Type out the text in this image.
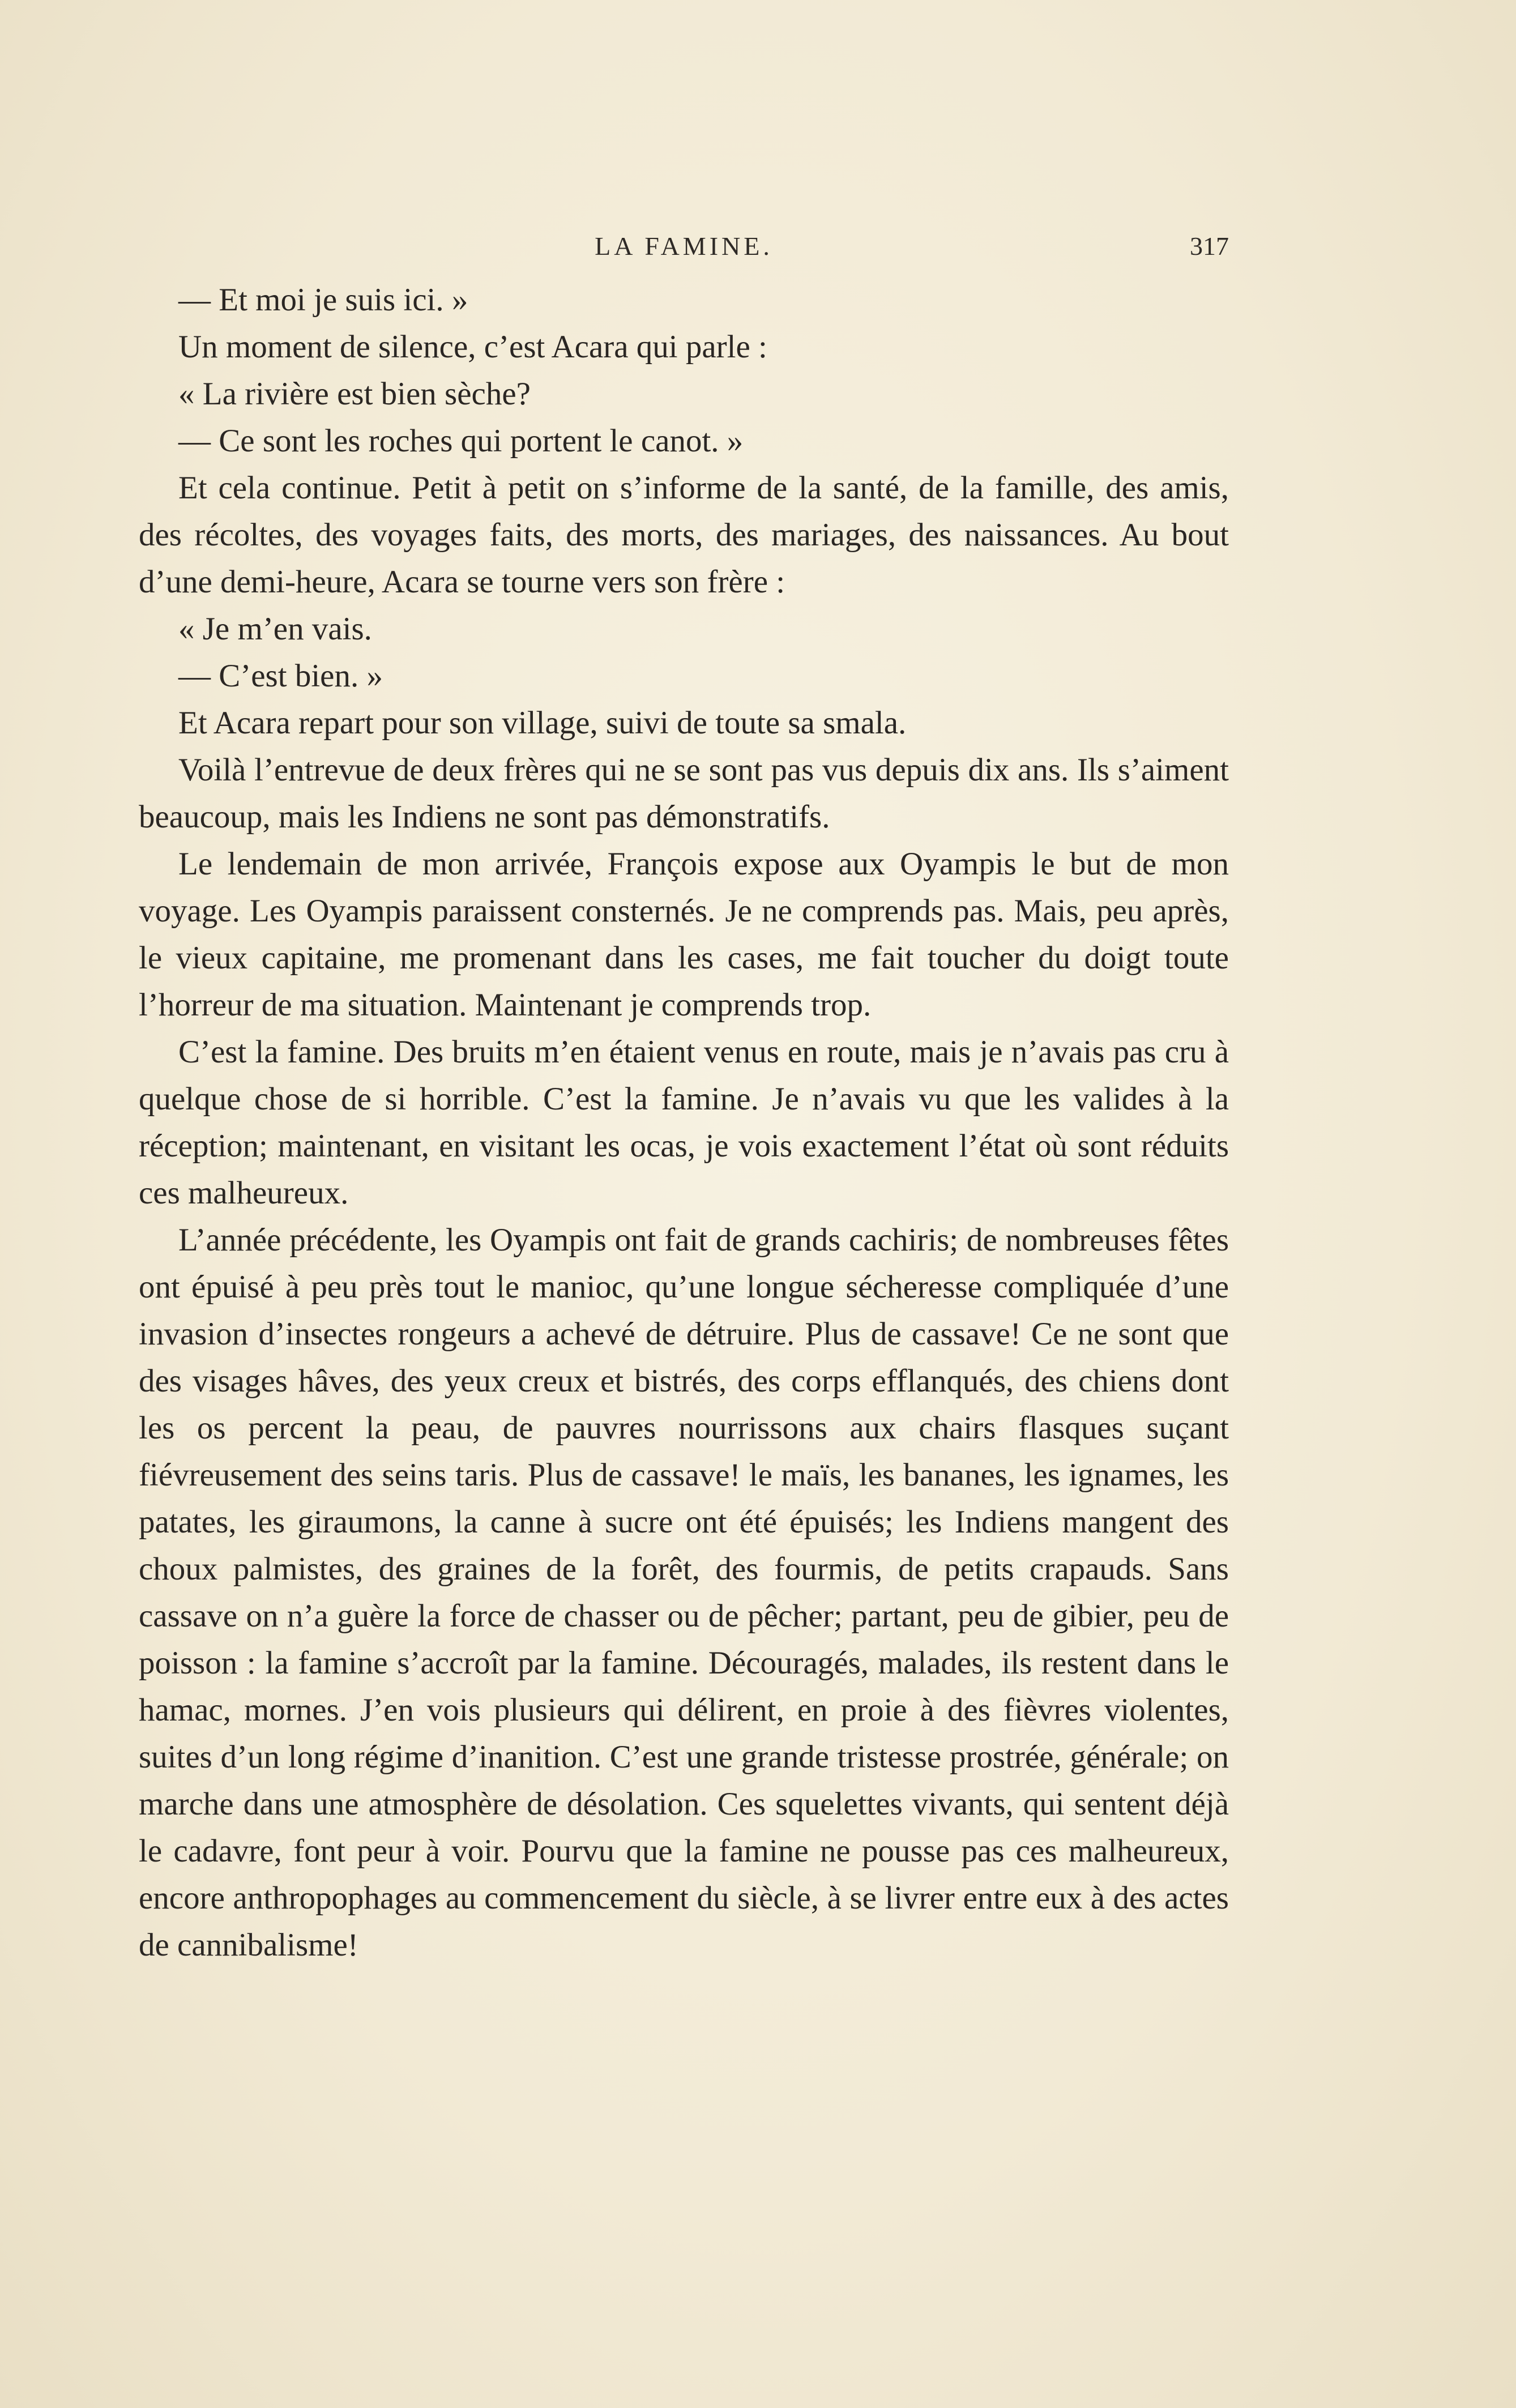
LA FAMINE.	317

— Et moi je suis ici. »

Un moment de silence, c’est Acara qui parle :

« La rivière est bien sèche?

— Ce sont les roches qui portent le canot. »

Et cela continue. Petit à petit on s’informe de la santé, de la famille, des amis, des récoltes, des voyages faits, des morts, des mariages, des naissances. Au bout d’une demi-heure, Acara se tourne vers son frère :

« Je m’en vais.

— C’est bien. »

Et Acara repart pour son village, suivi de toute sa smala.

Voilà l’entrevue de deux frères qui ne se sont pas vus depuis dix ans. Ils s’aiment beaucoup, mais les Indiens ne sont pas démonstratifs.

Le lendemain de mon arrivée, François expose aux Oyampis le but de mon voyage. Les Oyampis paraissent consternés. Je ne comprends pas. Mais, peu après, le vieux capitaine, me promenant dans les cases, me fait toucher du doigt toute l’horreur de ma situation. Maintenant je comprends trop.

C’est la famine. Des bruits m’en étaient venus en route, mais je n’avais pas cru à quelque chose de si horrible. C’est la famine. Je n’avais vu que les valides à la réception; maintenant, en visitant les ocas, je vois exactement l’état où sont réduits ces malheureux.

L’année précédente, les Oyampis ont fait de grands cachiris; de nombreuses fêtes ont épuisé à peu près tout le manioc, qu’une longue sécheresse compliquée d’une invasion d’insectes rongeurs a achevé de détruire. Plus de cassave! Ce ne sont que des visages hâves, des yeux creux et bistrés, des corps efflanqués, des chiens dont les os percent la peau, de pauvres nourrissons aux chairs flasques suçant fiévreusement des seins taris. Plus de cassave! le maïs, les bananes, les ignames, les patates, les giraumons, la canne à sucre ont été épuisés; les Indiens mangent des choux palmistes, des graines de la forêt, des fourmis, de petits crapauds. Sans cassave on n’a guère la force de chasser ou de pêcher; partant, peu de gibier, peu de poisson : la famine s’accroît par la famine. Découragés, malades, ils restent dans le hamac, mornes. J’en vois plusieurs qui délirent, en proie à des fièvres violentes, suites d’un long régime d’inanition. C’est une grande tristesse prostrée, générale; on marche dans une atmosphère de désolation. Ces squelettes vivants, qui sentent déjà le cadavre, font peur à voir. Pourvu que la famine ne pousse pas ces malheureux, encore anthropophages au commencement du siècle, à se livrer entre eux à des actes de cannibalisme!
